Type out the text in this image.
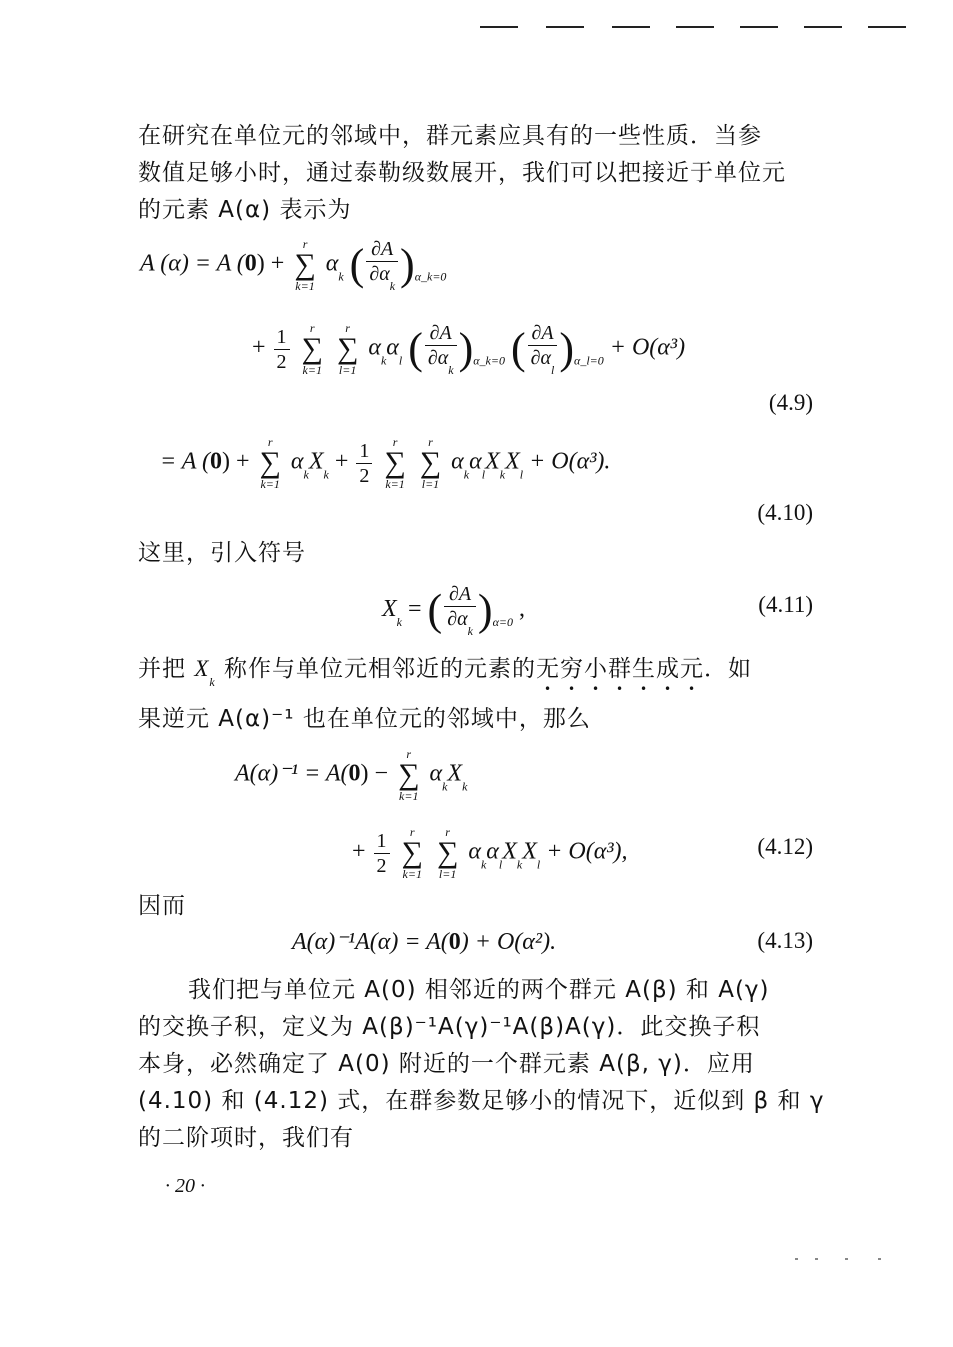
在研究在单位元的邻域中，群元素应具有的一些性质．当参
数值足够小时，通过泰勒级数展开，我们可以把接近于单位元
的元素 A(α) 表示为
A (α) = A (0) +
r
∑
k=1
$\alpha_k$ ( $\frac{\partial A}{\partial\alpha_k} )_{\alpha\_k=0}$
+ $\frac{1}{2}$
	r
∑
k=1

r
∑
l=1
$\alpha_k\alpha_l$ ( $\frac{\partial A}{\partial\alpha_k} )_{\alpha\_k=0}$ ( $\frac{\partial A}{\partial\alpha_l} )_{\alpha\_l=0} + O(\alpha^3)$
(4.9)
= A (0) +
r
∑
k=1
$\alpha_kX_k + \frac{1}{2}$
	r
∑
k=1

r
∑
l=1
$\alpha_k\alpha_lX_kX_l + O(\alpha^3)$.
(4.10)
这里，引入符号
$X_k$ = ( $\frac{\partial A}{\partial\alpha_k} )_{\alpha=0}$ ,	(4.11)
并把 $X_k$ 称作与单位元相邻近的元素的无穷小群生成元．如
果逆元 A(α)⁻¹ 也在单位元的邻域中，那么
A(α)⁻¹ = A(0) −
r
∑
k=1
$\alpha_kX_k$
+ $\frac{1}{2}$
	r
∑
k=1

r
∑
l=1
$\alpha_k\alpha_lX_kX_l + O(\alpha^3)$,	(4.12)
因而
A(α)⁻¹A(α) = A(0) + O(α²).	(4.13)
我们把与单位元 A(0) 相邻近的两个群元 A(β) 和 A(γ)
的交换子积，定义为 A(β)⁻¹A(γ)⁻¹A(β)A(γ)．此交换子积
本身，必然确定了 A(0) 附近的一个群元素 A(β, γ)．应用
(4.10) 和 (4.12) 式，在群参数足够小的情况下，近似到 β 和 γ
的二阶项时，我们有
· 20 ·
